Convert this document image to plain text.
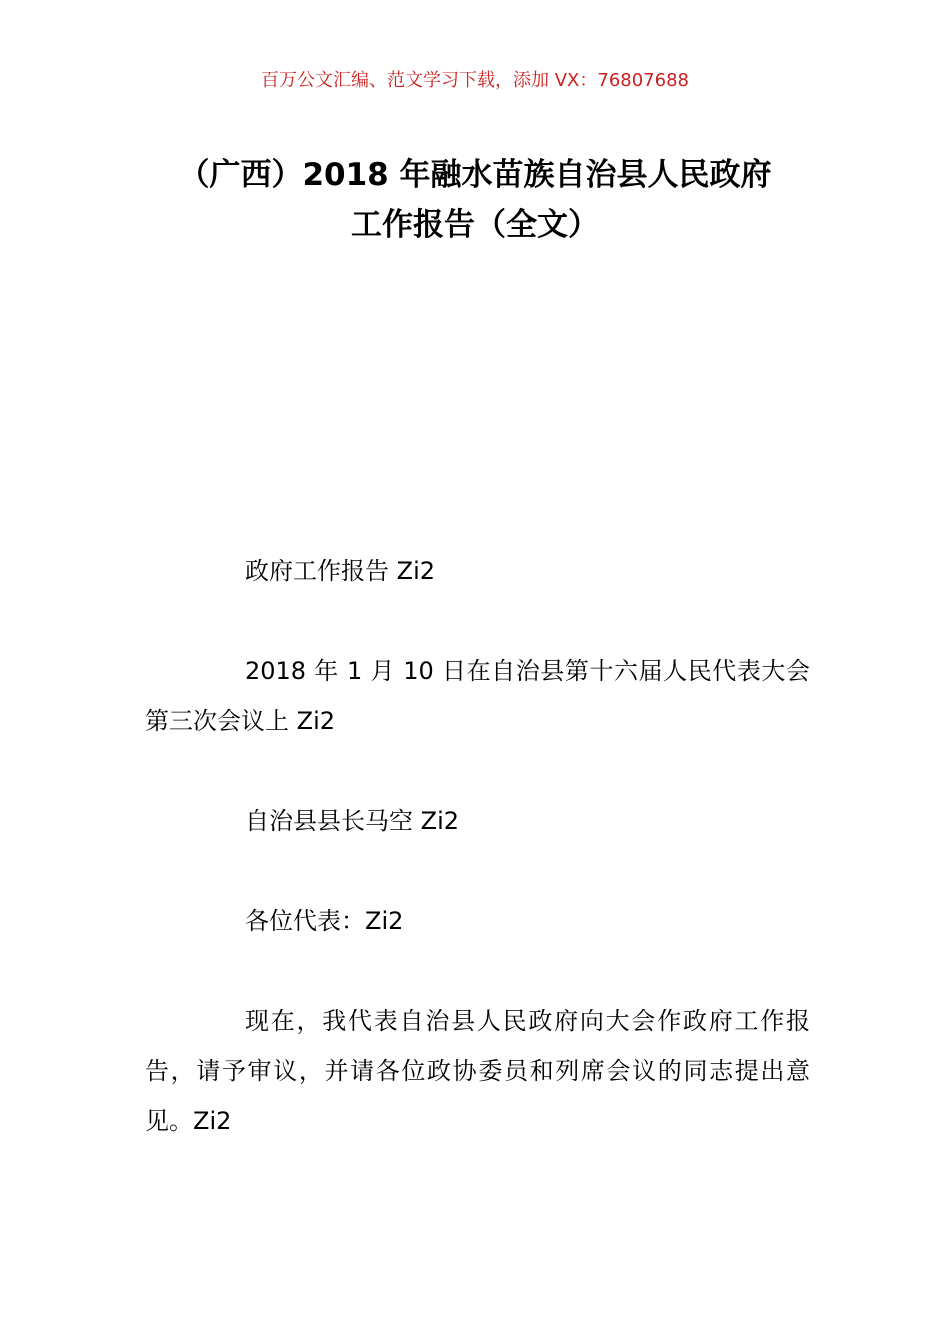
百万公文汇编、范文学习下载，添加 VX：76807688
（广西）2018 年融水苗族自治县人民政府
工作报告（全文）

政府工作报告 Zi2

2018 年 1 月 10 日在自治县第十六届人民代表大会第三次会议上 Zi2

自治县县长马空 Zi2

各位代表：Zi2

现在，我代表自治县人民政府向大会作政府工作报告，请予审议，并请各位政协委员和列席会议的同志提出意见。Zi2
